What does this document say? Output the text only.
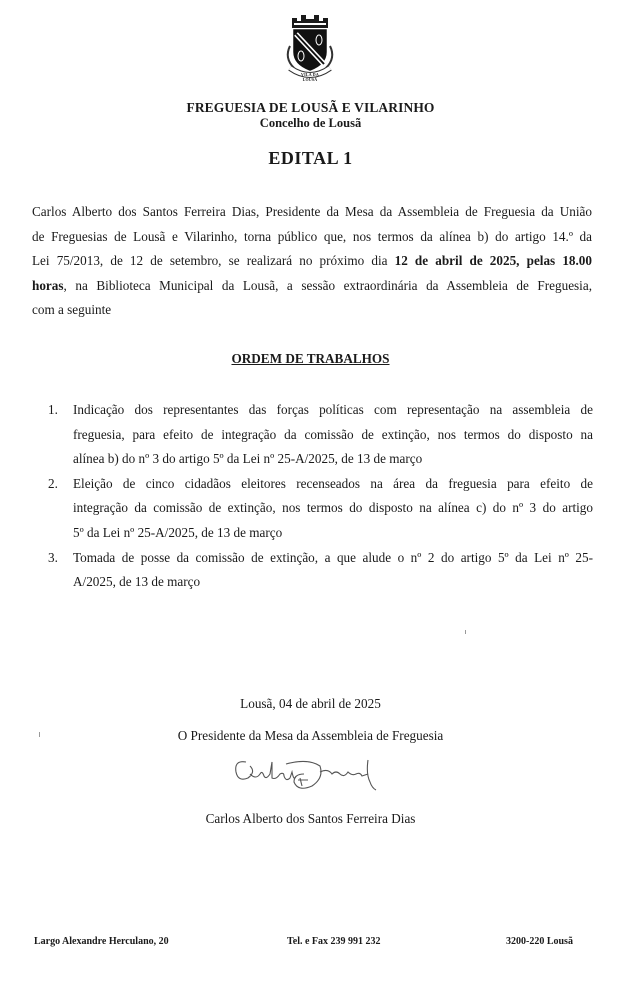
VILA DA LOUSÃ
FREGUESIA DE LOUSÃ E VILARINHO
Concelho de Lousã
EDITAL 1
Carlos Alberto dos Santos Ferreira Dias, Presidente da Mesa da Assembleia de Freguesia da União
de Freguesias de Lousã e Vilarinho, torna público que, nos termos da alínea b) do artigo 14.º da
Lei 75/2013, de 12 de setembro, se realizará no próximo dia 12 de abril de 2025, pelas 18.00
horas, na Biblioteca Municipal da Lousã, a sessão extraordinária da Assembleia de Freguesia,
com a seguinte
ORDEM DE TRABALHOS
1. Indicação dos representantes das forças políticas com representação na assembleia de
freguesia, para efeito de integração da comissão de extinção, nos termos do disposto na
alínea b) do nº 3 do artigo 5º da Lei nº 25-A/2025, de 13 de março
2. Eleição de cinco cidadãos eleitores recenseados na área da freguesia para efeito de
integração da comissão de extinção, nos termos do disposto na alínea c) do nº 3 do artigo
5º da Lei nº 25-A/2025, de 13 de março
3. Tomada de posse da comissão de extinção, a que alude o nº 2 do artigo 5º da Lei nº 25-
A/2025, de 13 de março
Lousã, 04 de abril de 2025
O Presidente da Mesa da Assembleia de Freguesia
Carlos Alberto dos Santos Ferreira Dias
Largo Alexandre Herculano, 20	Tel. e Fax 239 991 232	3200-220 Lousã
